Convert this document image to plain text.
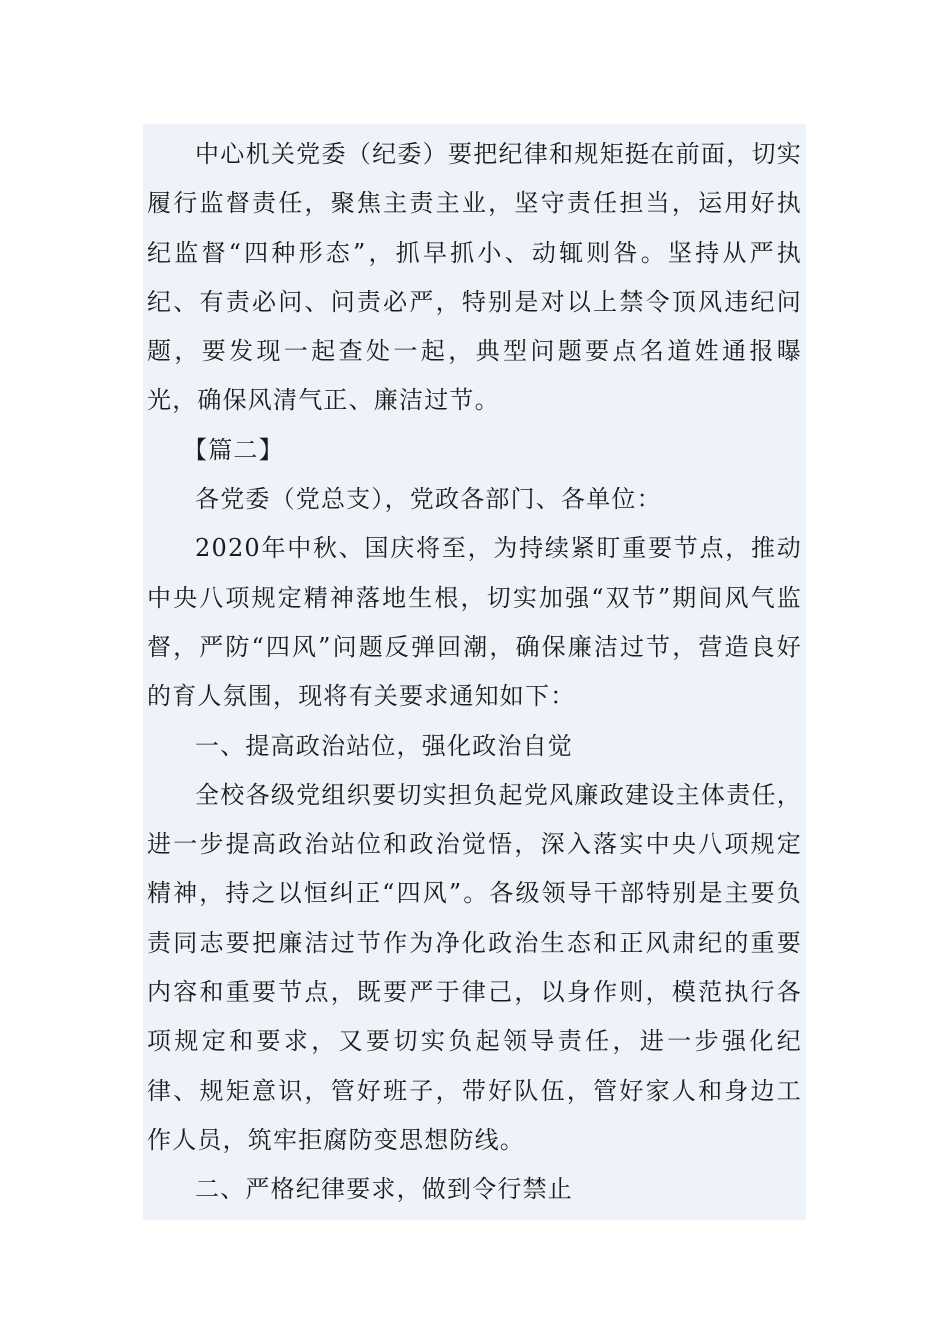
中心机关党委（纪委）要把纪律和规矩挺在前面，切实履行监督责任，聚焦主责主业，坚守责任担当，运用好执纪监督“四种形态”，抓早抓小、动辄则咎。坚持从严执纪、有责必问、问责必严，特别是对以上禁令顶风违纪问题，要发现一起查处一起，典型问题要点名道姓通报曝光，确保风清气正、廉洁过节。

【篇二】

各党委（党总支），党政各部门、各单位：

2020年中秋、国庆将至，为持续紧盯重要节点，推动中央八项规定精神落地生根，切实加强“双节”期间风气监督，严防“四风”问题反弹回潮，确保廉洁过节，营造良好的育人氛围，现将有关要求通知如下：

一、提高政治站位，强化政治自觉

全校各级党组织要切实担负起党风廉政建设主体责任，进一步提高政治站位和政治觉悟，深入落实中央八项规定精神，持之以恒纠正“四风”。各级领导干部特别是主要负责同志要把廉洁过节作为净化政治生态和正风肃纪的重要内容和重要节点，既要严于律己，以身作则，模范执行各项规定和要求，又要切实负起领导责任，进一步强化纪律、规矩意识，管好班子，带好队伍，管好家人和身边工作人员，筑牢拒腐防变思想防线。

二、严格纪律要求，做到令行禁止
